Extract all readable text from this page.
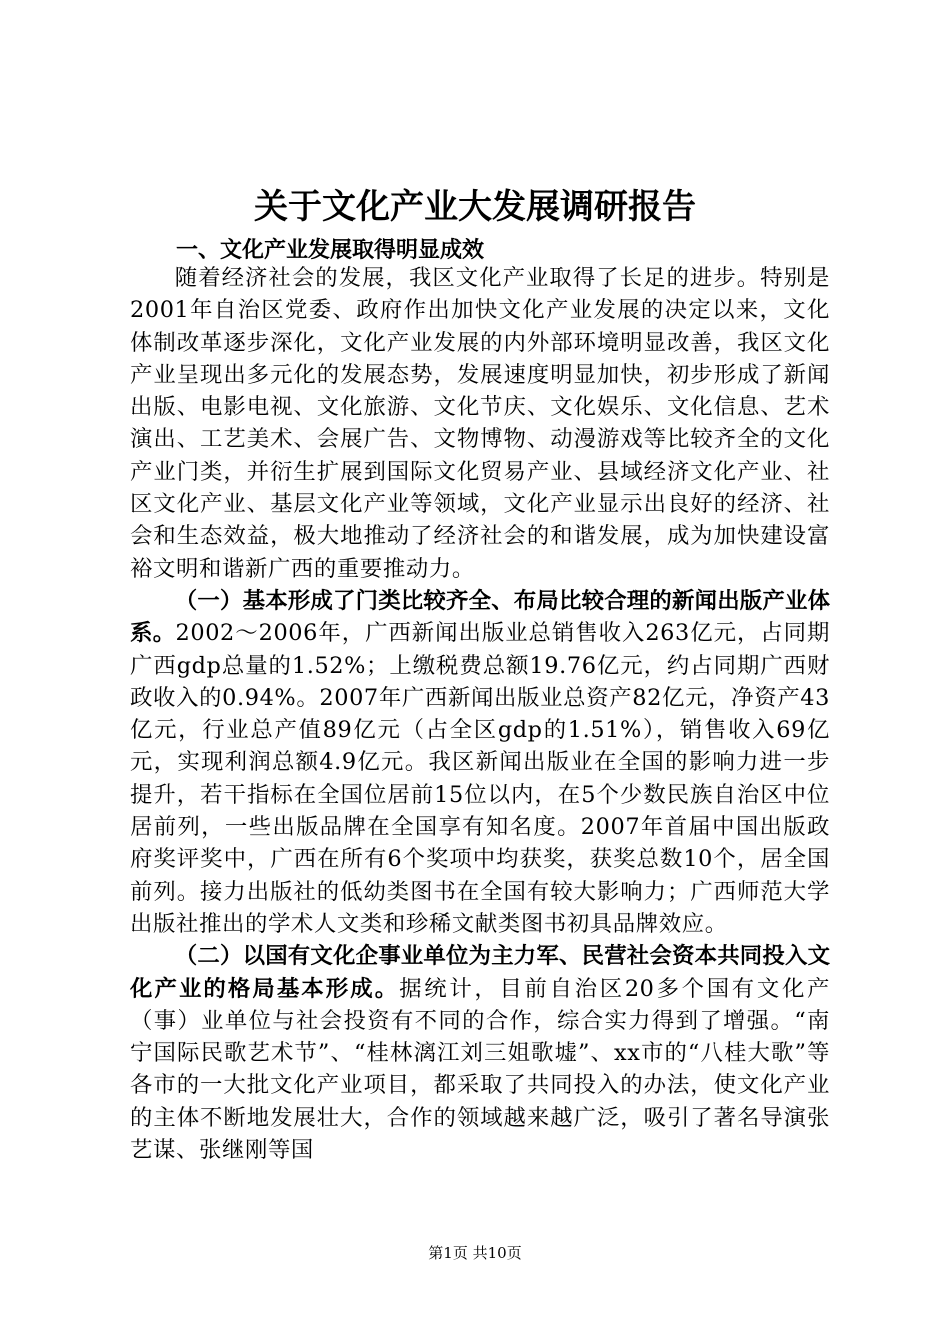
关于文化产业大发展调研报告
一、文化产业发展取得明显成效

随着经济社会的发展，我区文化产业取得了长足的进步。特别是2001年自治区党委、政府作出加快文化产业发展的决定以来，文化体制改革逐步深化，文化产业发展的内外部环境明显改善，我区文化产业呈现出多元化的发展态势，发展速度明显加快，初步形成了新闻出版、电影电视、文化旅游、文化节庆、文化娱乐、文化信息、艺术演出、工艺美术、会展广告、文物博物、动漫游戏等比较齐全的文化产业门类，并衍生扩展到国际文化贸易产业、县域经济文化产业、社区文化产业、基层文化产业等领域，文化产业显示出良好的经济、社会和生态效益，极大地推动了经济社会的和谐发展，成为加快建设富裕文明和谐新广西的重要推动力。

（一）基本形成了门类比较齐全、布局比较合理的新闻出版产业体系。2002～2006年，广西新闻出版业总销售收入263亿元，占同期广西gdp总量的1.52%；上缴税费总额19.76亿元，约占同期广西财政收入的0.94%。2007年广西新闻出版业总资产82亿元，净资产43亿元，行业总产值89亿元（占全区gdp的1.51%），销售收入69亿元，实现利润总额4.9亿元。我区新闻出版业在全国的影响力进一步提升，若干指标在全国位居前15位以内，在5个少数民族自治区中位居前列，一些出版品牌在全国享有知名度。2007年首届中国出版政府奖评奖中，广西在所有6个奖项中均获奖，获奖总数10个，居全国前列。接力出版社的低幼类图书在全国有较大影响力；广西师范大学出版社推出的学术人文类和珍稀文献类图书初具品牌效应。

（二）以国有文化企事业单位为主力军、民营社会资本共同投入文化产业的格局基本形成。据统计，目前自治区20多个国有文化产（事）业单位与社会投资有不同的合作，综合实力得到了增强。“南宁国际民歌艺术节”、“桂林漓江刘三姐歌墟”、xx市的“八桂大歌”等各市的一大批文化产业项目，都采取了共同投入的办法，使文化产业的主体不断地发展壮大，合作的领域越来越广泛，吸引了著名导演张艺谋、张继刚等国

第1页 共10页
